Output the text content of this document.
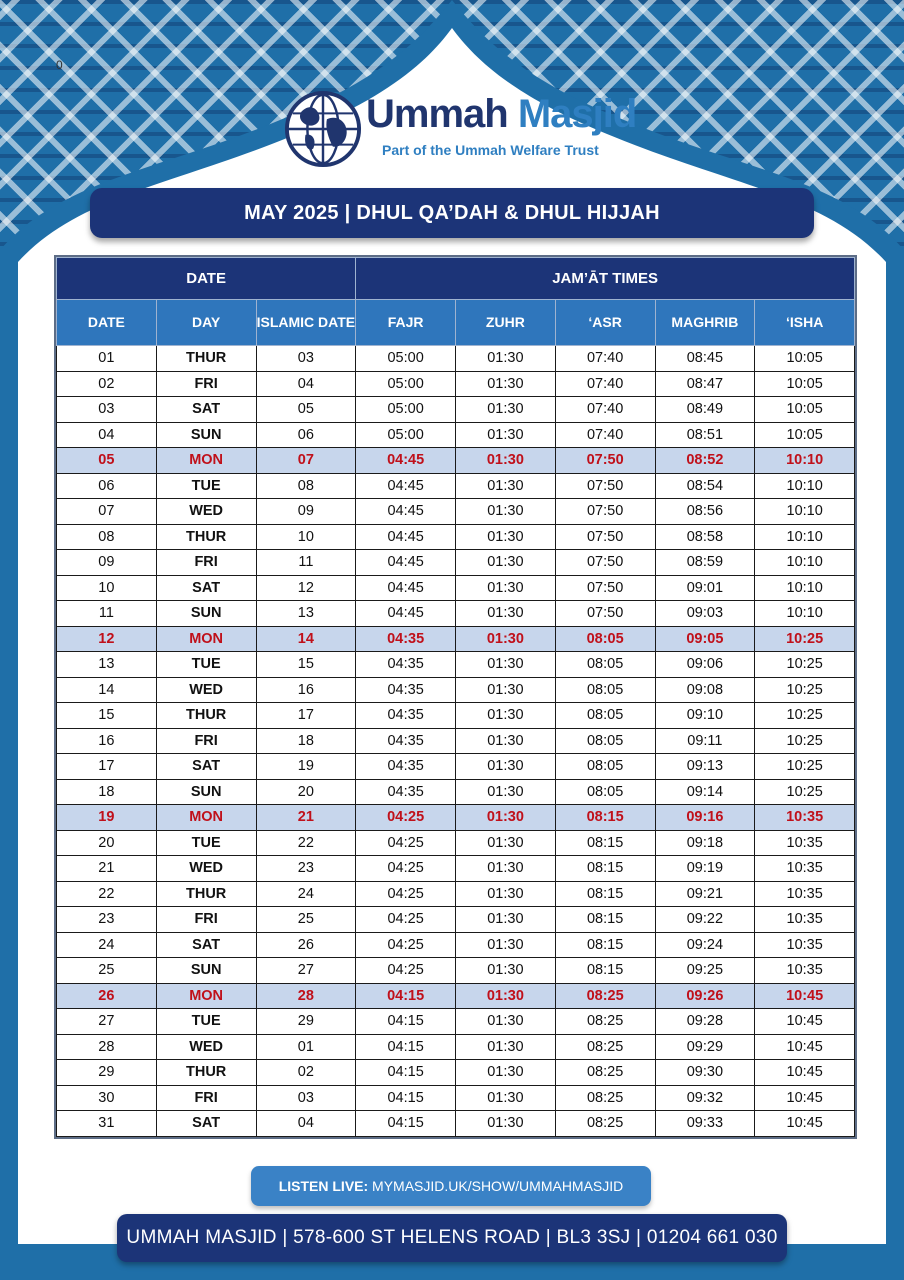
0
Ummah Masjid
Part of the Ummah Welfare Trust
MAY 2025 | DHUL QA’DAH & DHUL HIJJAH
DATE			JAM’ĀT TIMES				
DATE	DAY	ISLAMIC DATE	FAJR	ZUHR	‘ASR	MAGHRIB	‘ISHA
01	THUR	03	05:00	01:30	07:40	08:45	10:05
02	FRI	04	05:00	01:30	07:40	08:47	10:05
03	SAT	05	05:00	01:30	07:40	08:49	10:05
04	SUN	06	05:00	01:30	07:40	08:51	10:05
05	MON	07	04:45	01:30	07:50	08:52	10:10
06	TUE	08	04:45	01:30	07:50	08:54	10:10
07	WED	09	04:45	01:30	07:50	08:56	10:10
08	THUR	10	04:45	01:30	07:50	08:58	10:10
09	FRI	11	04:45	01:30	07:50	08:59	10:10
10	SAT	12	04:45	01:30	07:50	09:01	10:10
11	SUN	13	04:45	01:30	07:50	09:03	10:10
12	MON	14	04:35	01:30	08:05	09:05	10:25
13	TUE	15	04:35	01:30	08:05	09:06	10:25
14	WED	16	04:35	01:30	08:05	09:08	10:25
15	THUR	17	04:35	01:30	08:05	09:10	10:25
16	FRI	18	04:35	01:30	08:05	09:11	10:25
17	SAT	19	04:35	01:30	08:05	09:13	10:25
18	SUN	20	04:35	01:30	08:05	09:14	10:25
19	MON	21	04:25	01:30	08:15	09:16	10:35
20	TUE	22	04:25	01:30	08:15	09:18	10:35
21	WED	23	04:25	01:30	08:15	09:19	10:35
22	THUR	24	04:25	01:30	08:15	09:21	10:35
23	FRI	25	04:25	01:30	08:15	09:22	10:35
24	SAT	26	04:25	01:30	08:15	09:24	10:35
25	SUN	27	04:25	01:30	08:15	09:25	10:35
26	MON	28	04:15	01:30	08:25	09:26	10:45
27	TUE	29	04:15	01:30	08:25	09:28	10:45
28	WED	01	04:15	01:30	08:25	09:29	10:45
29	THUR	02	04:15	01:30	08:25	09:30	10:45
30	FRI	03	04:15	01:30	08:25	09:32	10:45
31	SAT	04	04:15	01:30	08:25	09:33	10:45
LISTEN LIVE: MYMASJID.UK/SHOW/UMMAHMASJID
UMMAH MASJID | 578-600 ST HELENS ROAD | BL3 3SJ | 01204 661 030
